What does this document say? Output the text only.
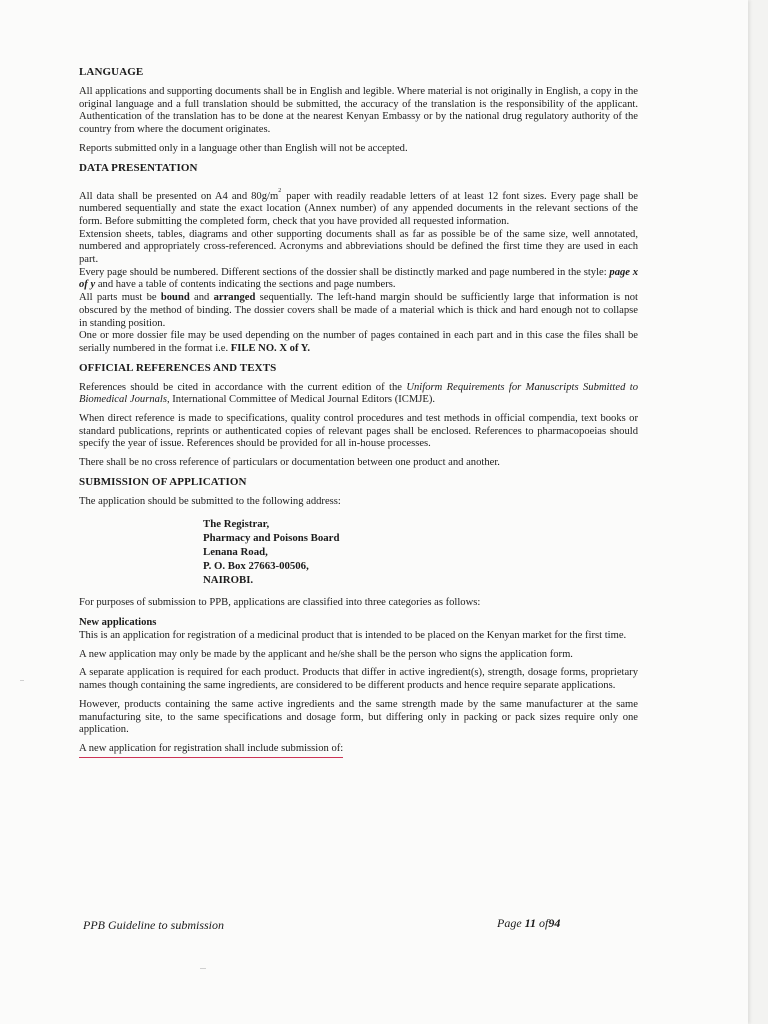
LANGUAGE

All applications and supporting documents shall be in English and legible. Where material is not originally in English, a copy in the original language and a full translation should be submitted, the accuracy of the translation is the responsibility of the applicant. Authentication of the translation has to be done at the nearest Kenyan Embassy or by the national drug regulatory authority of the country from where the document originates.

Reports submitted only in a language other than English will not be accepted.

DATA PRESENTATION

All data shall be presented on A4 and $80g/m^2$ paper with readily readable letters of at least 12 font sizes. Every page shall be numbered sequentially and state the exact location (Annex number) of any appended documents in the relevant sections of the form. Before submitting the completed form, check that you have provided all requested information.

Extension sheets, tables, diagrams and other supporting documents shall as far as possible be of the same size, well annotated, numbered and appropriately cross-referenced. Acronyms and abbreviations should be defined the first time they are used in each part.

Every page should be numbered. Different sections of the dossier shall be distinctly marked and page numbered in the style: page x of y and have a table of contents indicating the sections and page numbers.

All parts must be bound and arranged sequentially. The left-hand margin should be sufficiently large that information is not obscured by the method of binding. The dossier covers shall be made of a material which is thick and hard enough not to collapse in standing position.

One or more dossier file may be used depending on the number of pages contained in each part and in this case the files shall be serially numbered in the format i.e. FILE NO. X of Y.

OFFICIAL REFERENCES AND TEXTS

References should be cited in accordance with the current edition of the Uniform Requirements for Manuscripts Submitted to Biomedical Journals, International Committee of Medical Journal Editors (ICMJE).

When direct reference is made to specifications, quality control procedures and test methods in official compendia, text books or standard publications, reprints or authenticated copies of relevant pages shall be enclosed. References to pharmacopoeias should specify the year of issue. References should be provided for all in-house processes.

There shall be no cross reference of particulars or documentation between one product and another.

SUBMISSION OF APPLICATION

The application should be submitted to the following address:

The Registrar,
Pharmacy and Poisons Board
Lenana Road,
P. O. Box 27663-00506,
NAIROBI.

For purposes of submission to PPB, applications are classified into three categories as follows:

New applications

This is an application for registration of a medicinal product that is intended to be placed on the Kenyan market for the first time.

A new application may only be made by the applicant and he/she shall be the person who signs the application form.

A separate application is required for each product. Products that differ in active ingredient(s), strength, dosage forms, proprietary names though containing the same ingredients, are considered to be different products and hence require separate applications.

However, products containing the same active ingredients and the same strength made by the same manufacturer at the same manufacturing site, to the same specifications and dosage form, but differing only in packing or pack sizes require only one application.

A new application for registration shall include submission of:

PPB Guideline to submission	Page 11 of94
